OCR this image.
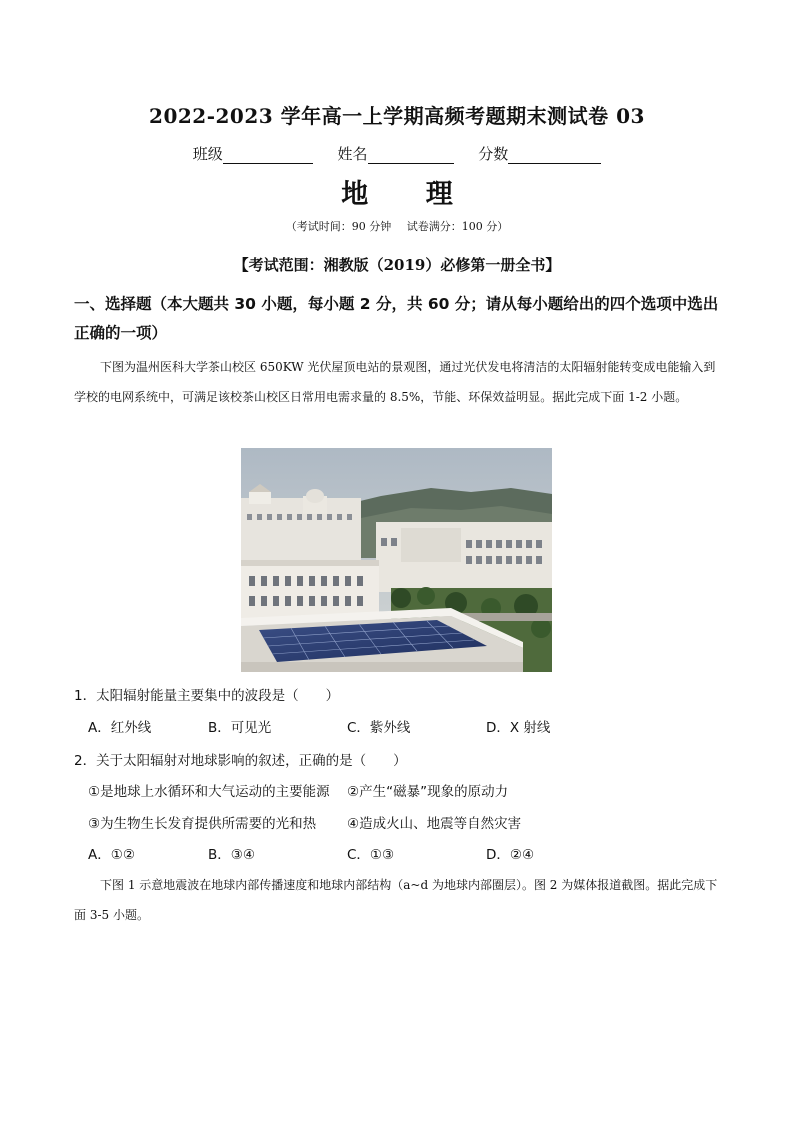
2022-2023 学年高一上学期高频考题期末测试卷 03
班级	姓名	分数
地 理
（考试时间：90 分钟 试卷满分：100 分）
【考试范围：湘教版（2019）必修第一册全书】
一、选择题（本大题共 30 小题，每小题 2 分，共 60 分；请从每小题给出的四个选项中选出正确的一项）
下图为温州医科大学茶山校区 650KW 光伏屋顶电站的景观图，通过光伏发电将清洁的太阳辐射能转变成电能输入到学校的电网系统中，可满足该校茶山校区日常用电需求量的 8.5%，节能、环保效益明显。据此完成下面 1-2 小题。
1．太阳辐射能量主要集中的波段是（　　）
A．红外线	B．可见光	C．紫外线	D．X 射线
2．关于太阳辐射对地球影响的叙述，正确的是（　　）
①是地球上水循环和大气运动的主要能源 ②产生“磁暴”现象的原动力
③为生物生长发育提供所需要的光和热 ④造成火山、地震等自然灾害
A．①②	B．③④	C．①③	D．②④
下图 1 示意地震波在地球内部传播速度和地球内部结构（a~d 为地球内部圈层）。图 2 为媒体报道截图。据此完成下面 3-5 小题。
